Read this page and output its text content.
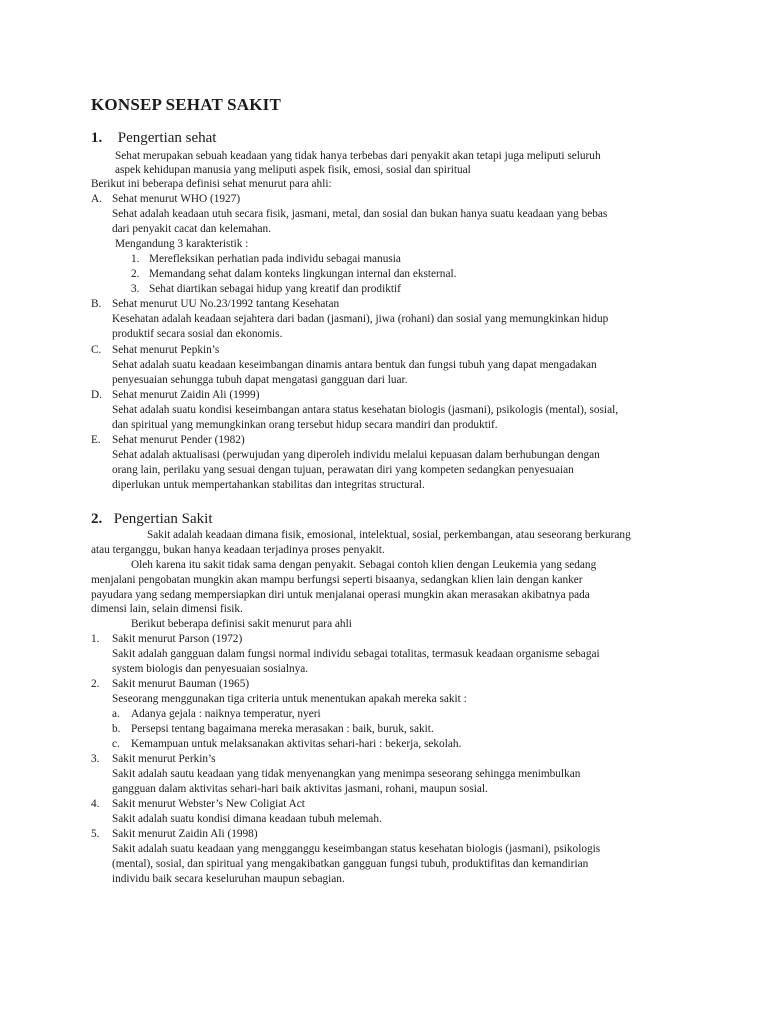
KONSEP SEHAT SAKIT
1. Pengertian sehat
Sehat merupakan sebuah keadaan yang tidak hanya terbebas dari penyakit akan tetapi juga meliputi seluruh
aspek kehidupan manusia yang meliputi aspek fisik, emosi, sosial dan spiritual
Berikut ini beberapa definisi sehat menurut para ahli:
A. Sehat menurut WHO (1927)
Sehat adalah keadaan utuh secara fisik, jasmani, metal, dan sosial dan bukan hanya suatu keadaan yang bebas
dari penyakit cacat dan kelemahan.
Mengandung 3 karakteristik :
1. Merefleksikan perhatian pada individu sebagai manusia
2. Memandang sehat dalam konteks lingkungan internal dan eksternal.
3. Sehat diartikan sebagai hidup yang kreatif dan prodiktif
B. Sehat menurut UU No.23/1992 tantang Kesehatan
Kesehatan adalah keadaan sejahtera dari badan (jasmani), jiwa (rohani) dan sosial yang memungkinkan hidup
produktif secara sosial dan ekonomis.
C. Sehat menurut Pepkin’s
Sehat adalah suatu keadaan keseimbangan dinamis antara bentuk dan fungsi tubuh yang dapat mengadakan
penyesuaian sehungga tubuh dapat mengatasi gangguan dari luar.
D. Sehat menurut Zaidin Ali (1999)
Sehat adalah suatu kondisi keseimbangan antara status kesehatan biologis (jasmani), psikologis (mental), sosial,
dan spiritual yang memungkinkan orang tersebut hidup secara mandiri dan produktif.
E. Sehat menurut Pender (1982)
Sehat adalah aktualisasi (perwujudan yang diperoleh individu melalui kepuasan dalam berhubungan dengan
orang lain, perilaku yang sesuai dengan tujuan, perawatan diri yang kompeten sedangkan penyesuaian
diperlukan untuk mempertahankan stabilitas dan integritas structural.
2. Pengertian Sakit
Sakit adalah keadaan dimana fisik, emosional, intelektual, sosial, perkembangan, atau seseorang berkurang
atau terganggu, bukan hanya keadaan terjadinya proses penyakit.
Oleh karena itu sakit tidak sama dengan penyakit. Sebagai contoh klien dengan Leukemia yang sedang
menjalani pengobatan mungkin akan mampu berfungsi seperti bisaanya, sedangkan klien lain dengan kanker
payudara yang sedang mempersiapkan diri untuk menjalanai operasi mungkin akan merasakan akibatnya pada
dimensi lain, selain dimensi fisik.
Berikut beberapa definisi sakit menurut para ahli
1. Sakit menurut Parson (1972)
Sakit adalah gangguan dalam fungsi normal individu sebagai totalitas, termasuk keadaan organisme sebagai
system biologis dan penyesuaian sosialnya.
2. Sakit menurut Bauman (1965)
Seseorang menggunakan tiga criteria untuk menentukan apakah mereka sakit :
a. Adanya gejala : naiknya temperatur, nyeri
b. Persepsi tentang bagaimana mereka merasakan : baik, buruk, sakit.
c. Kemampuan untuk melaksanakan aktivitas sehari-hari : bekerja, sekolah.
3. Sakit menurut Perkin’s
Sakit adalah sautu keadaan yang tidak menyenangkan yang menimpa seseorang sehingga menimbulkan
gangguan dalam aktivitas sehari-hari baik aktivitas jasmani, rohani, maupun sosial.
4. Sakit menurut Webster’s New Coligiat Act
Sakit adalah suatu kondisi dimana keadaan tubuh melemah.
5. Sakit menurut Zaidin Ali (1998)
Sakit adalah suatu keadaan yang mengganggu keseimbangan status kesehatan biologis (jasmani), psikologis
(mental), sosial, dan spiritual yang mengakibatkan gangguan fungsi tubuh, produktifitas dan kemandirian
individu baik secara keseluruhan maupun sebagian.
